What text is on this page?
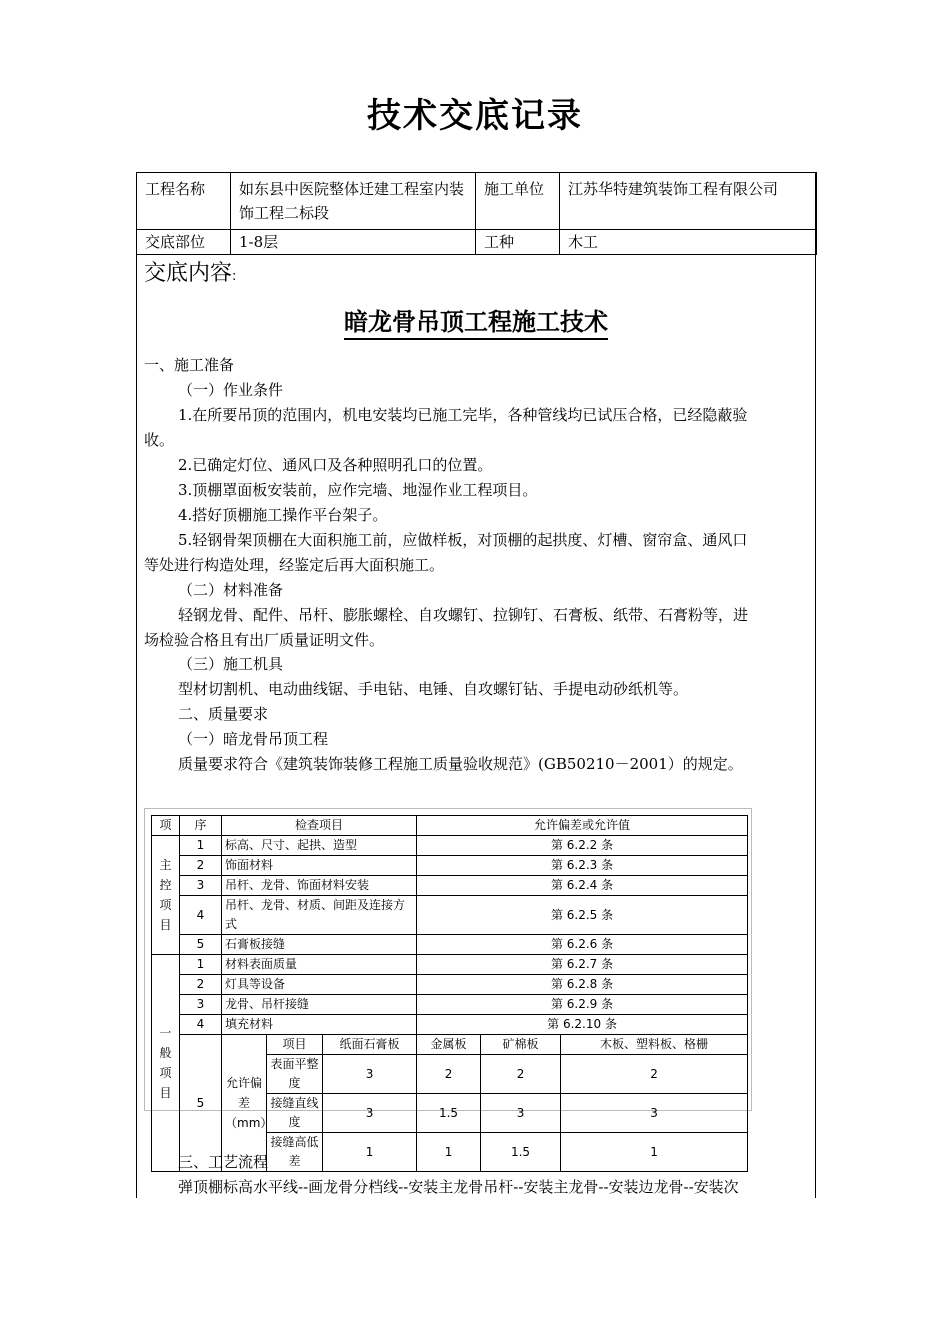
技术交底记录
工程名称	如东县中医院整体迁建工程室内装饰工程二标段	施工单位	江苏华特建筑装饰工程有限公司
交底部位	1-8层	工种	木工
交底内容:
暗龙骨吊顶工程施工技术
一、施工准备
（一）作业条件
1.在所要吊顶的范围内，机电安装均已施工完毕，各种管线均已试压合格，已经隐蔽验
收。
2.已确定灯位、通风口及各种照明孔口的位置。
3.顶棚罩面板安装前，应作完墙、地湿作业工程项目。
4.搭好顶棚施工操作平台架子。
5.轻钢骨架顶棚在大面积施工前，应做样板，对顶棚的起拱度、灯槽、窗帘盒、通风口
等处进行构造处理，经鉴定后再大面积施工。
（二）材料准备
轻钢龙骨、配件、吊杆、膨胀螺栓、自攻螺钉、拉铆钉、石膏板、纸带、石膏粉等，进
场检验合格且有出厂质量证明文件。
（三）施工机具
型材切割机、电动曲线锯、手电钻、电锤、自攻螺钉钻、手提电动砂纸机等。
二、质量要求
（一）暗龙骨吊顶工程
质量要求符合《建筑装饰装修工程施工质量验收规范》(GB50210－2001）的规定。
项	序	检查项目			允许偏差或允许值		
主控项目	1	标高、尺寸、起拱、造型			第 6.2.2 条		
	2	饰面材料			第 6.2.3 条		
	3	吊杆、龙骨、饰面材料安装			第 6.2.4 条		
	4	吊杆、龙骨、材质、间距及连接方式			第 6.2.5 条		
	5	石膏板接缝			第 6.2.6 条		
一般项目	1	材料表面质量			第 6.2.7 条		
	2	灯具等设备			第 6.2.8 条		
	3	龙骨、吊杆接缝			第 6.2.9 条		
	4	填充材料			第 6.2.10 条		
	5	允许偏差（mm）	项目	纸面石膏板	金属板	矿棉板	木板、塑料板、格栅
			表面平整度	3	2	2	2
			接缝直线度	3	1.5	3	3
			接缝高低差	1	1	1.5	1
三、工艺流程
弹顶棚标高水平线--画龙骨分档线--安装主龙骨吊杆--安装主龙骨--安装边龙骨--安装次
